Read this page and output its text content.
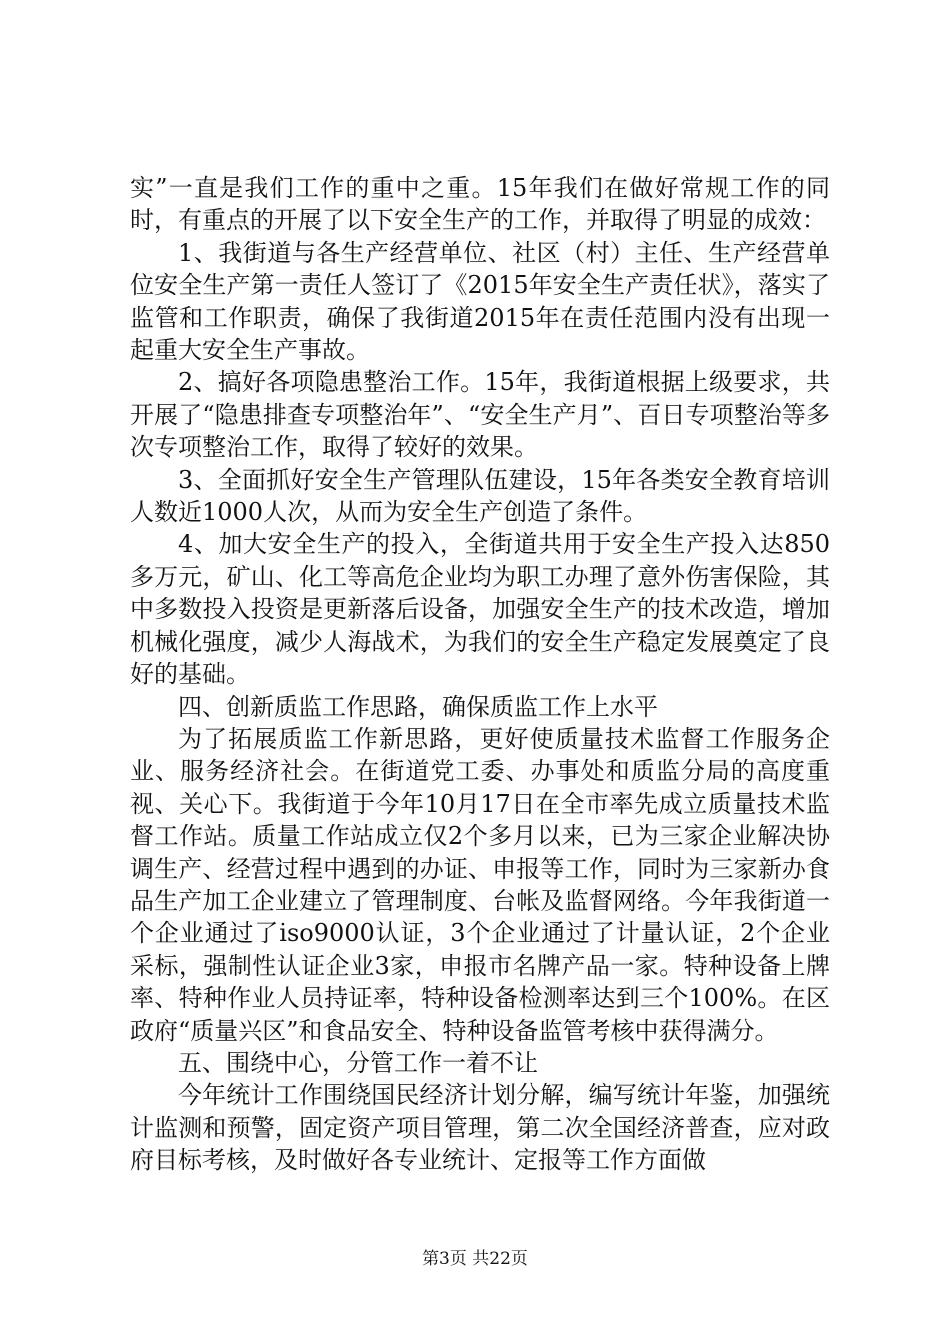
实”一直是我们工作的重中之重。15年我们在做好常规工作的同时，有重点的开展了以下安全生产的工作，并取得了明显的成效：

1、我街道与各生产经营单位、社区（村）主任、生产经营单位安全生产第一责任人签订了《2015年安全生产责任状》，落实了监管和工作职责，确保了我街道2015年在责任范围内没有出现一起重大安全生产事故。

2、搞好各项隐患整治工作。15年，我街道根据上级要求，共开展了“隐患排查专项整治年”、“安全生产月”、百日专项整治等多次专项整治工作，取得了较好的效果。

3、全面抓好安全生产管理队伍建设，15年各类安全教育培训人数近1000人次，从而为安全生产创造了条件。

4、加大安全生产的投入，全街道共用于安全生产投入达850多万元，矿山、化工等高危企业均为职工办理了意外伤害保险，其中多数投入投资是更新落后设备，加强安全生产的技术改造，增加机械化强度，减少人海战术，为我们的安全生产稳定发展奠定了良好的基础。

四、创新质监工作思路，确保质监工作上水平

为了拓展质监工作新思路，更好使质量技术监督工作服务企业、服务经济社会。在街道党工委、办事处和质监分局的高度重视、关心下。我街道于今年10月17日在全市率先成立质量技术监督工作站。质量工作站成立仅2个多月以来，已为三家企业解决协调生产、经营过程中遇到的办证、申报等工作，同时为三家新办食品生产加工企业建立了管理制度、台帐及监督网络。今年我街道一个企业通过了iso9000认证，3个企业通过了计量认证，2个企业采标，强制性认证企业3家，申报市名牌产品一家。特种设备上牌率、特种作业人员持证率，特种设备检测率达到三个100%。在区政府“质量兴区”和食品安全、特种设备监管考核中获得满分。

五、围绕中心，分管工作一着不让

今年统计工作围绕国民经济计划分解，编写统计年鉴，加强统计监测和预警，固定资产项目管理，第二次全国经济普查，应对政府目标考核，及时做好各专业统计、定报等工作方面做

第3页 共22页
